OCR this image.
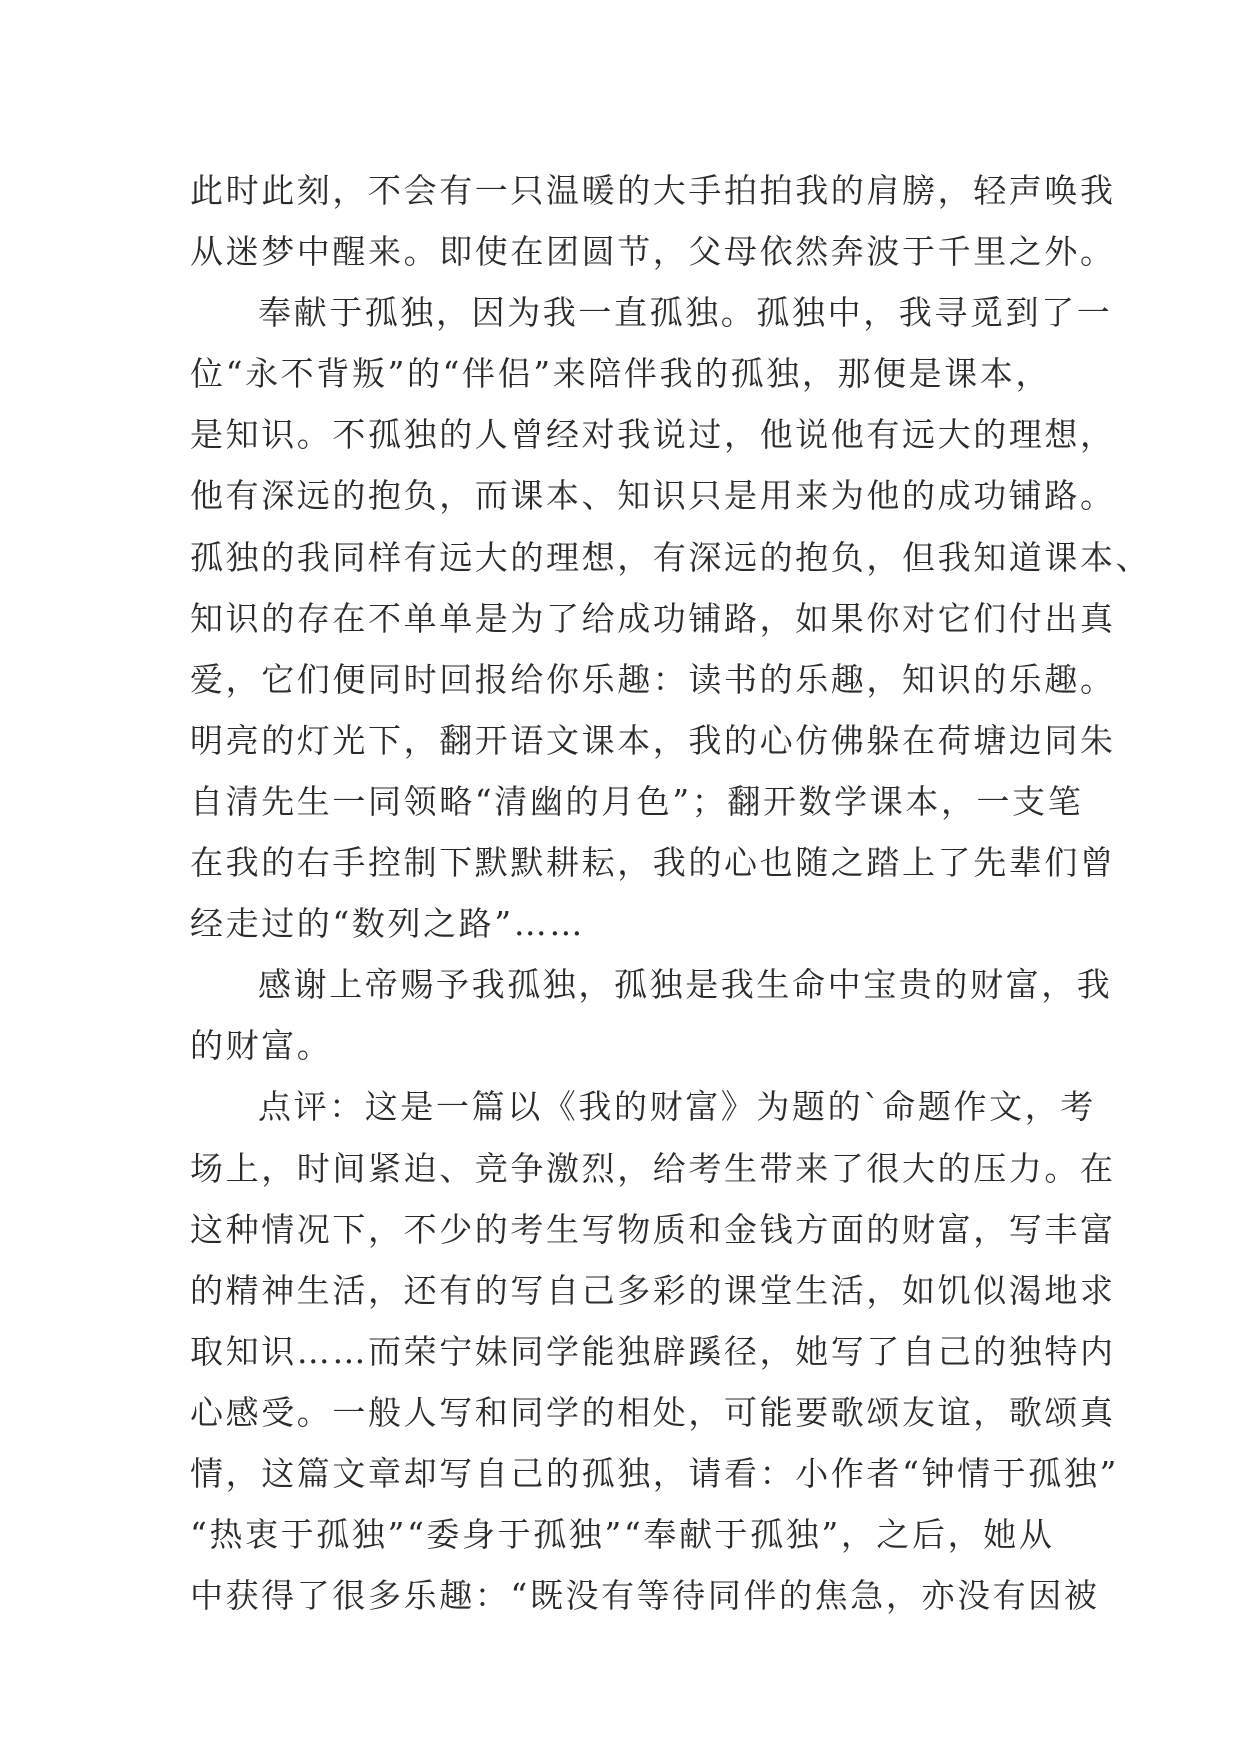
此时此刻，不会有一只温暖的大手拍拍我的肩膀，轻声唤我
从迷梦中醒来。即使在团圆节，父母依然奔波于千里之外。
奉献于孤独，因为我一直孤独。孤独中，我寻觅到了一
位“永不背叛”的“伴侣”来陪伴我的孤独，那便是课本，
是知识。不孤独的人曾经对我说过，他说他有远大的理想，
他有深远的抱负，而课本、知识只是用来为他的成功铺路。
孤独的我同样有远大的理想，有深远的抱负，但我知道课本、
知识的存在不单单是为了给成功铺路，如果你对它们付出真
爱，它们便同时回报给你乐趣：读书的乐趣，知识的乐趣。
明亮的灯光下，翻开语文课本，我的心仿佛躲在荷塘边同朱
自清先生一同领略“清幽的月色”；翻开数学课本，一支笔
在我的右手控制下默默耕耘，我的心也随之踏上了先辈们曾
经走过的“数列之路”……
感谢上帝赐予我孤独，孤独是我生命中宝贵的财富，我
的财富。
点评：这是一篇以《我的财富》为题的`命题作文，考
场上，时间紧迫、竞争激烈，给考生带来了很大的压力。在
这种情况下，不少的考生写物质和金钱方面的财富，写丰富
的精神生活，还有的写自己多彩的课堂生活，如饥似渴地求
取知识……而荣宁妹同学能独辟蹊径，她写了自己的独特内
心感受。一般人写和同学的相处，可能要歌颂友谊，歌颂真
情，这篇文章却写自己的孤独，请看：小作者“钟情于孤独”
“热衷于孤独”“委身于孤独”“奉献于孤独”，之后，她从
中获得了很多乐趣：“既没有等待同伴的焦急，亦没有因被
